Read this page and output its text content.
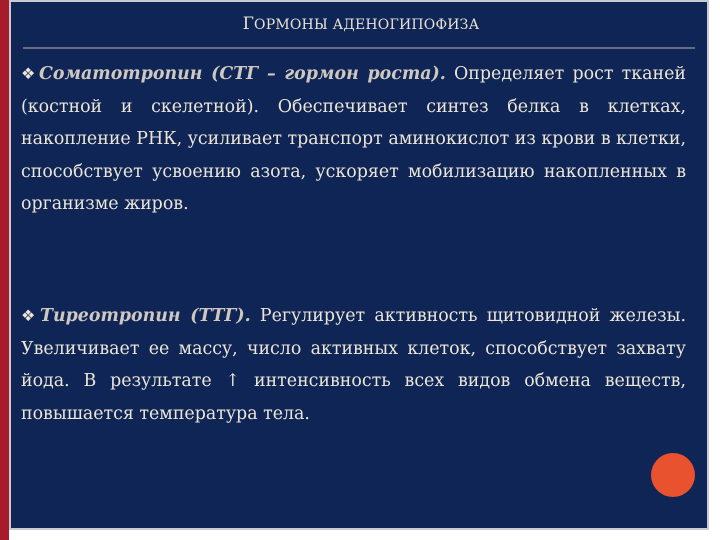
ГОРМОНЫ АДЕНОГИПОФИЗА
❖Соматотропин (СТГ – гормон роста). Определяет рост тканей (костной и скелетной). Обеспечивает синтез белка в клетках, накопление РНК, усиливает транспорт аминокислот из крови в клетки, способствует усвоению азота, ускоряет мобилизацию накопленных в организме жиров.
❖Тиреотропин (ТТГ). Регулирует активность щитовидной железы. Увеличивает ее массу, число активных клеток, способствует захвату йода. В результате ↑ интенсивность всех видов обмена веществ, повышается температура тела.
